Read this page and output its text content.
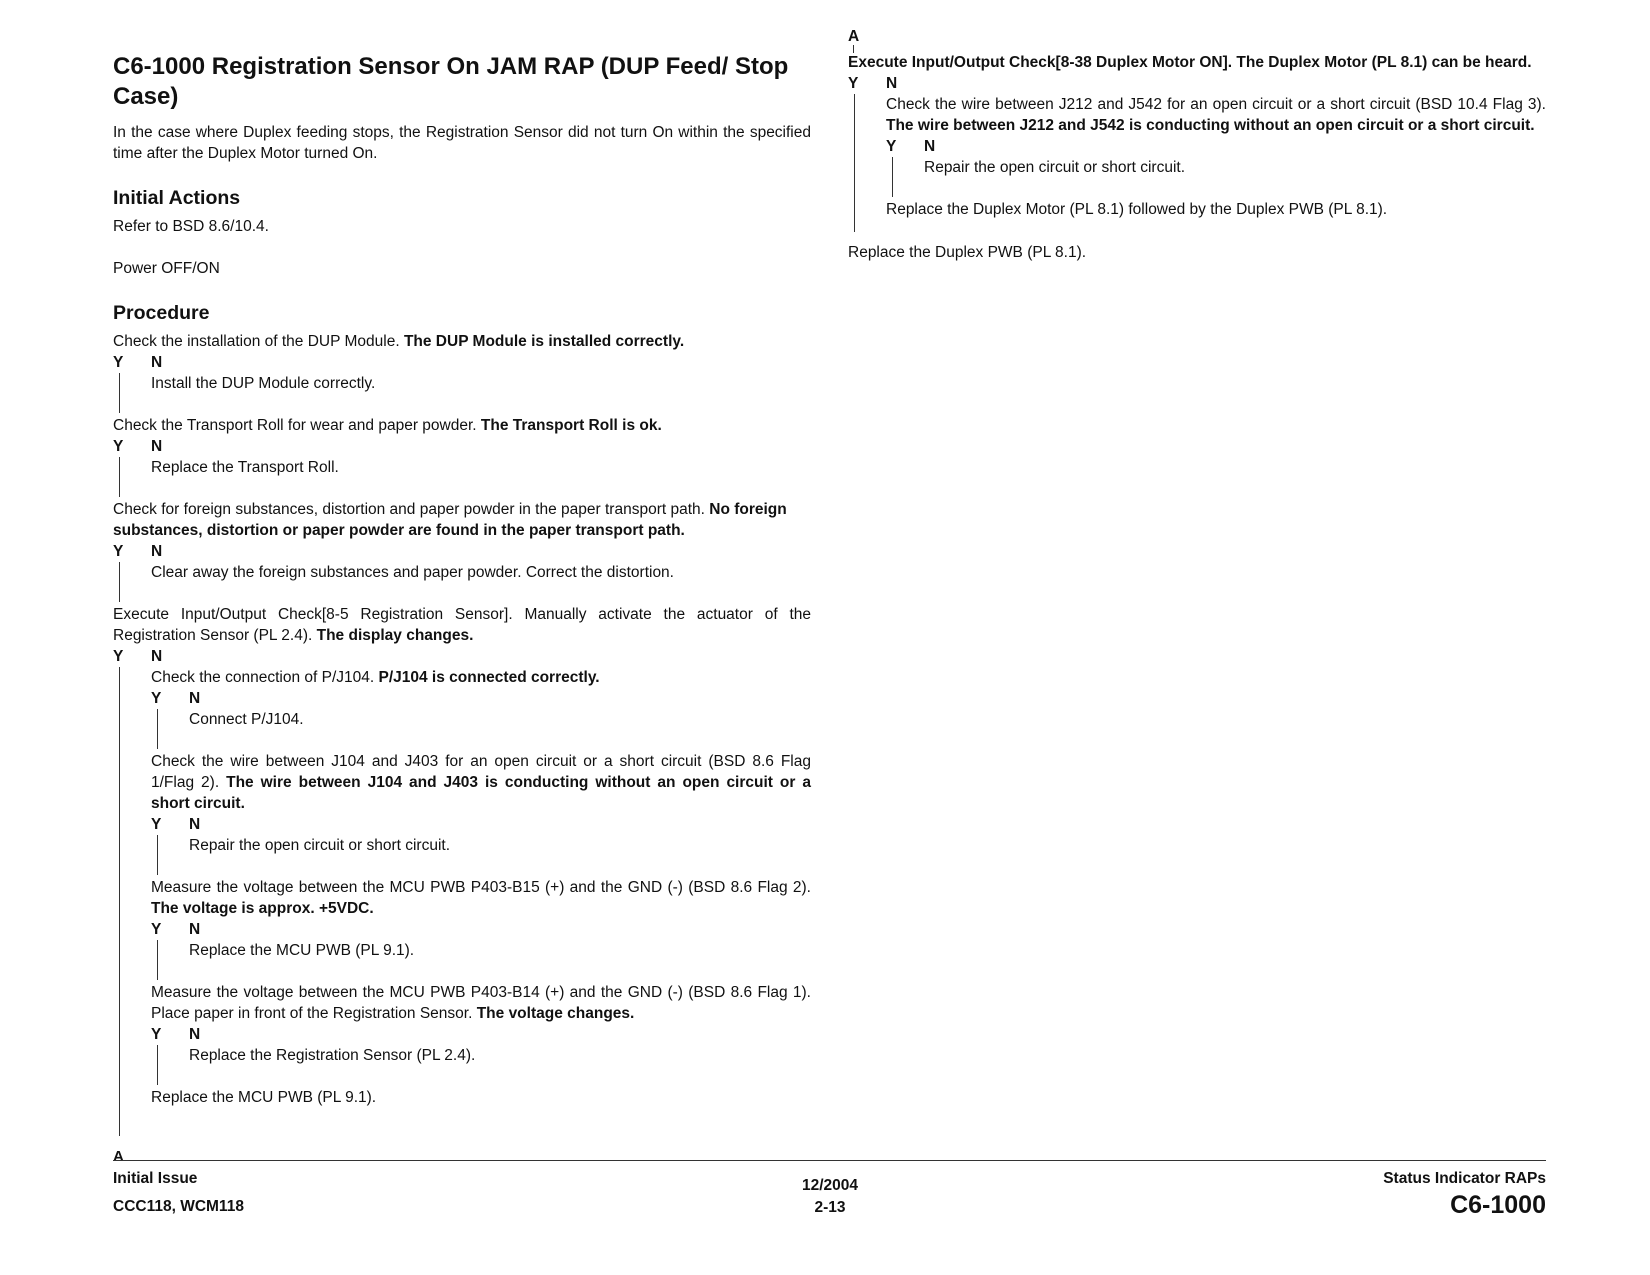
C6-1000 Registration Sensor On JAM RAP (DUP Feed/ Stop Case)

In the case where Duplex feeding stops, the Registration Sensor did not turn On within the specified time after the Duplex Motor turned On.

Initial Actions

Refer to BSD 8.6/10.4.

Power OFF/ON

Procedure

Check the installation of the DUP Module. The DUP Module is installed correctly.

Y N

Install the DUP Module correctly.

Check the Transport Roll for wear and paper powder. The Transport Roll is ok.

Y N

Replace the Transport Roll.

Check for foreign substances, distortion and paper powder in the paper transport path. No foreign substances, distortion or paper powder are found in the paper transport path.

Y N

Clear away the foreign substances and paper powder. Correct the distortion.

Execute Input/Output Check[8-5 Registration Sensor]. Manually activate the actuator of the Registration Sensor (PL 2.4). The display changes.

Y N

Check the connection of P/J104. P/J104 is connected correctly.

Y N

Connect P/J104.

Check the wire between J104 and J403 for an open circuit or a short circuit (BSD 8.6 Flag 1/Flag 2). The wire between J104 and J403 is conducting without an open circuit or a short circuit.

Y N

Repair the open circuit or short circuit.

Measure the voltage between the MCU PWB P403-B15 (+) and the GND (-) (BSD 8.6 Flag 2). The voltage is approx. +5VDC.

Y N

Replace the MCU PWB (PL 9.1).

Measure the voltage between the MCU PWB P403-B14 (+) and the GND (-) (BSD 8.6 Flag 1). Place paper in front of the Registration Sensor. The voltage changes.

Y N

Replace the Registration Sensor (PL 2.4).

Replace the MCU PWB (PL 9.1).

A

Execute Input/Output Check[8-38 Duplex Motor ON]. The Duplex Motor (PL 8.1) can be heard.

Y N

Check the wire between J212 and J542 for an open circuit or a short circuit (BSD 10.4 Flag 3). The wire between J212 and J542 is conducting without an open circuit or a short circuit.

Y N

Repair the open circuit or short circuit.

Replace the Duplex Motor (PL 8.1) followed by the Duplex PWB (PL 8.1).

Replace the Duplex PWB (PL 8.1).

A
Initial Issue
CCC118, WCM118
12/2004
2-13
Status Indicator RAPs
C6-1000
